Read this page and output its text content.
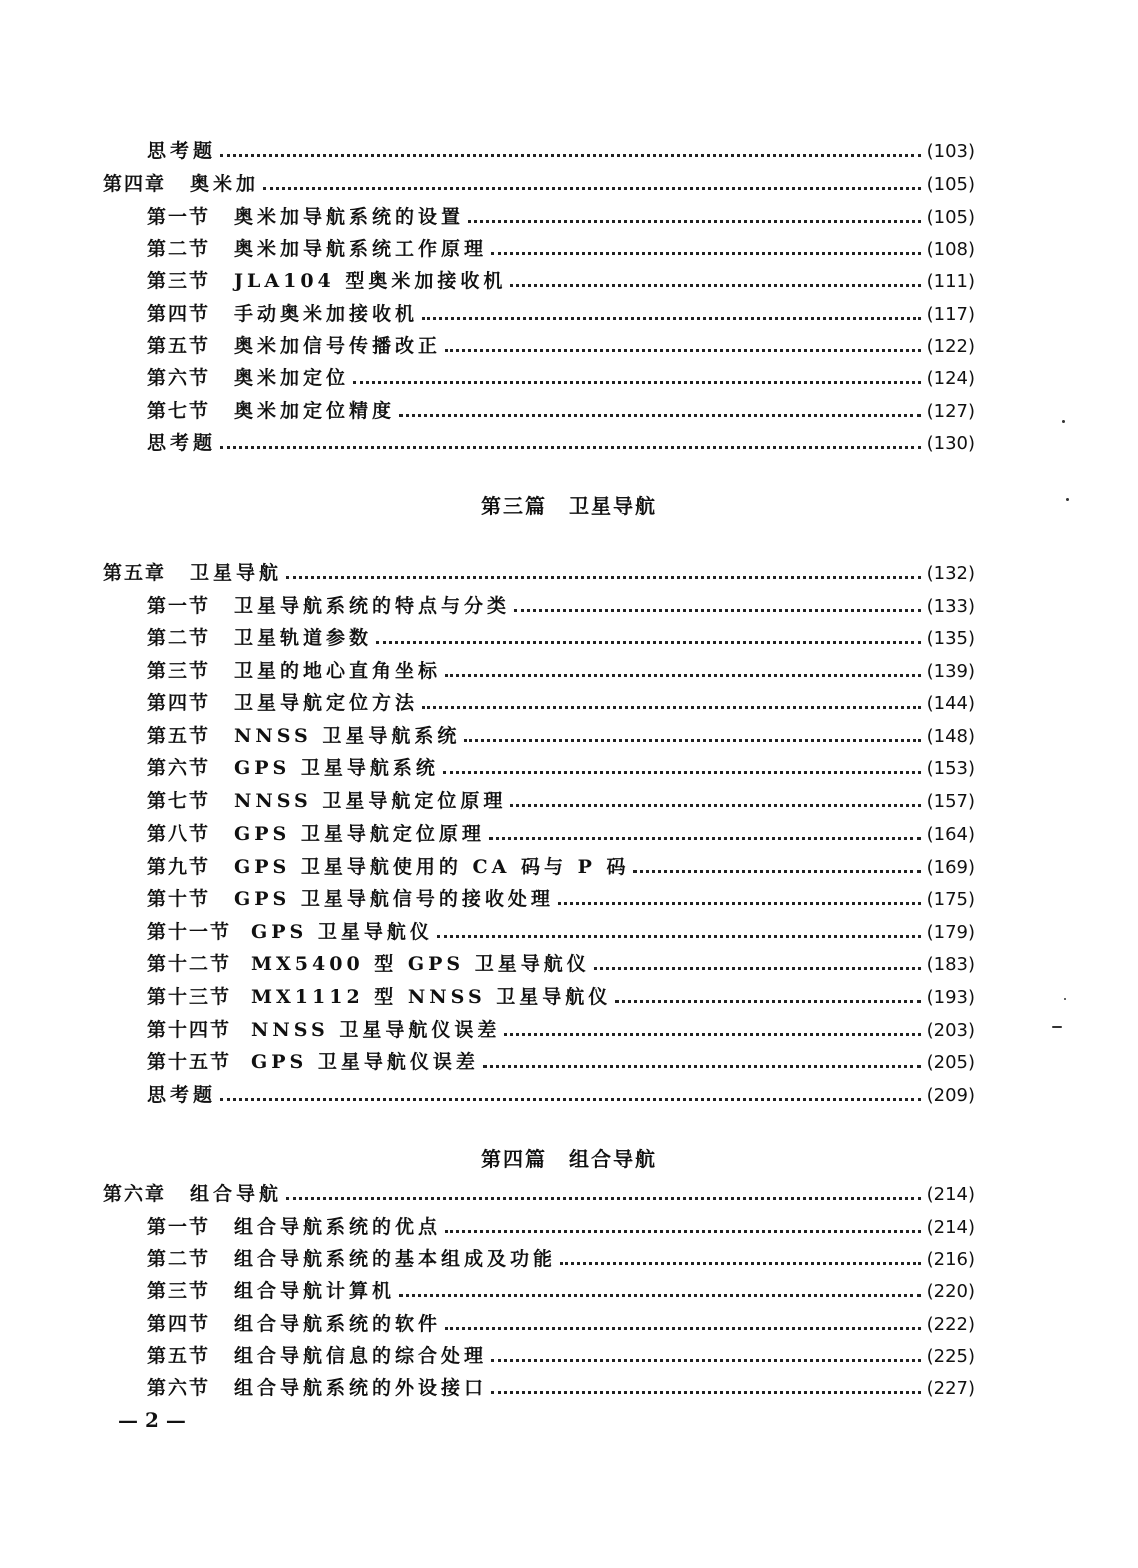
思考题	(103)
第四章 奥米加	(105)
第一节 奥米加导航系统的设置	(105)
第二节 奥米加导航系统工作原理	(108)
第三节 JLA104 型奥米加接收机	(111)
第四节 手动奥米加接收机	(117)
第五节 奥米加信号传播改正	(122)
第六节 奥米加定位	(124)
第七节 奥米加定位精度	(127)
思考题	(130)
第三篇 卫星导航
第五章 卫星导航	(132)
第一节 卫星导航系统的特点与分类	(133)
第二节 卫星轨道参数	(135)
第三节 卫星的地心直角坐标	(139)
第四节 卫星导航定位方法	(144)
第五节 NNSS 卫星导航系统	(148)
第六节 GPS 卫星导航系统	(153)
第七节 NNSS 卫星导航定位原理	(157)
第八节 GPS 卫星导航定位原理	(164)
第九节 GPS 卫星导航使用的 CA 码与 P 码	(169)
第十节 GPS 卫星导航信号的接收处理	(175)
第十一节 GPS 卫星导航仪	(179)
第十二节 MX5400 型 GPS 卫星导航仪	(183)
第十三节 MX1112 型 NNSS 卫星导航仪	(193)
第十四节 NNSS 卫星导航仪误差	(203)
第十五节 GPS 卫星导航仪误差	(205)
思考题	(209)
第四篇 组合导航
第六章 组合导航	(214)
第一节 组合导航系统的优点	(214)
第二节 组合导航系统的基本组成及功能	(216)
第三节 组合导航计算机	(220)
第四节 组合导航系统的软件	(222)
第五节 组合导航信息的综合处理	(225)
第六节 组合导航系统的外设接口	(227)
— 2 —
